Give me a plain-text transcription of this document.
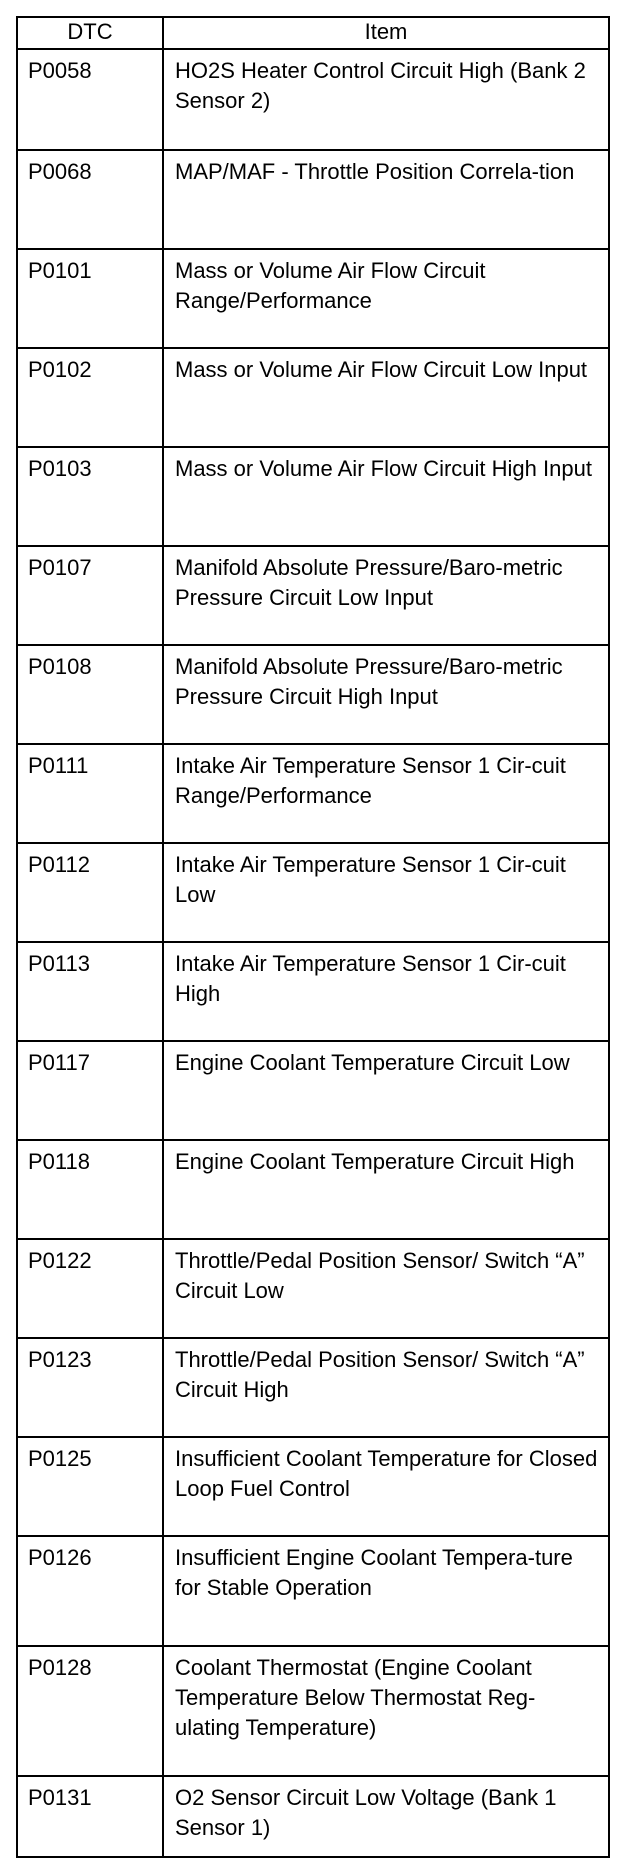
DTC	Item
P0058	HO2S Heater Control Circuit High (Bank 2 Sensor 2)
P0068	MAP/MAF - Throttle Position Correla-tion
P0101	Mass or Volume Air Flow Circuit Range/Performance
P0102	Mass or Volume Air Flow Circuit Low Input
P0103	Mass or Volume Air Flow Circuit High Input
P0107	Manifold Absolute Pressure/Baro-metric Pressure Circuit Low Input
P0108	Manifold Absolute Pressure/Baro-metric Pressure Circuit High Input
P0111	Intake Air Temperature Sensor 1 Cir-cuit Range/Performance
P0112	Intake Air Temperature Sensor 1 Cir-cuit Low
P0113	Intake Air Temperature Sensor 1 Cir-cuit High
P0117	Engine Coolant Temperature Circuit Low
P0118	Engine Coolant Temperature Circuit High
P0122	Throttle/Pedal Position Sensor/ Switch “A” Circuit Low
P0123	Throttle/Pedal Position Sensor/ Switch “A” Circuit High
P0125	Insufficient Coolant Temperature for Closed Loop Fuel Control
P0126	Insufficient Engine Coolant Tempera-ture for Stable Operation
P0128	Coolant Thermostat (Engine Coolant Temperature Below Thermostat Reg-ulating Temperature)
P0131	O2 Sensor Circuit Low Voltage (Bank 1 Sensor 1)
